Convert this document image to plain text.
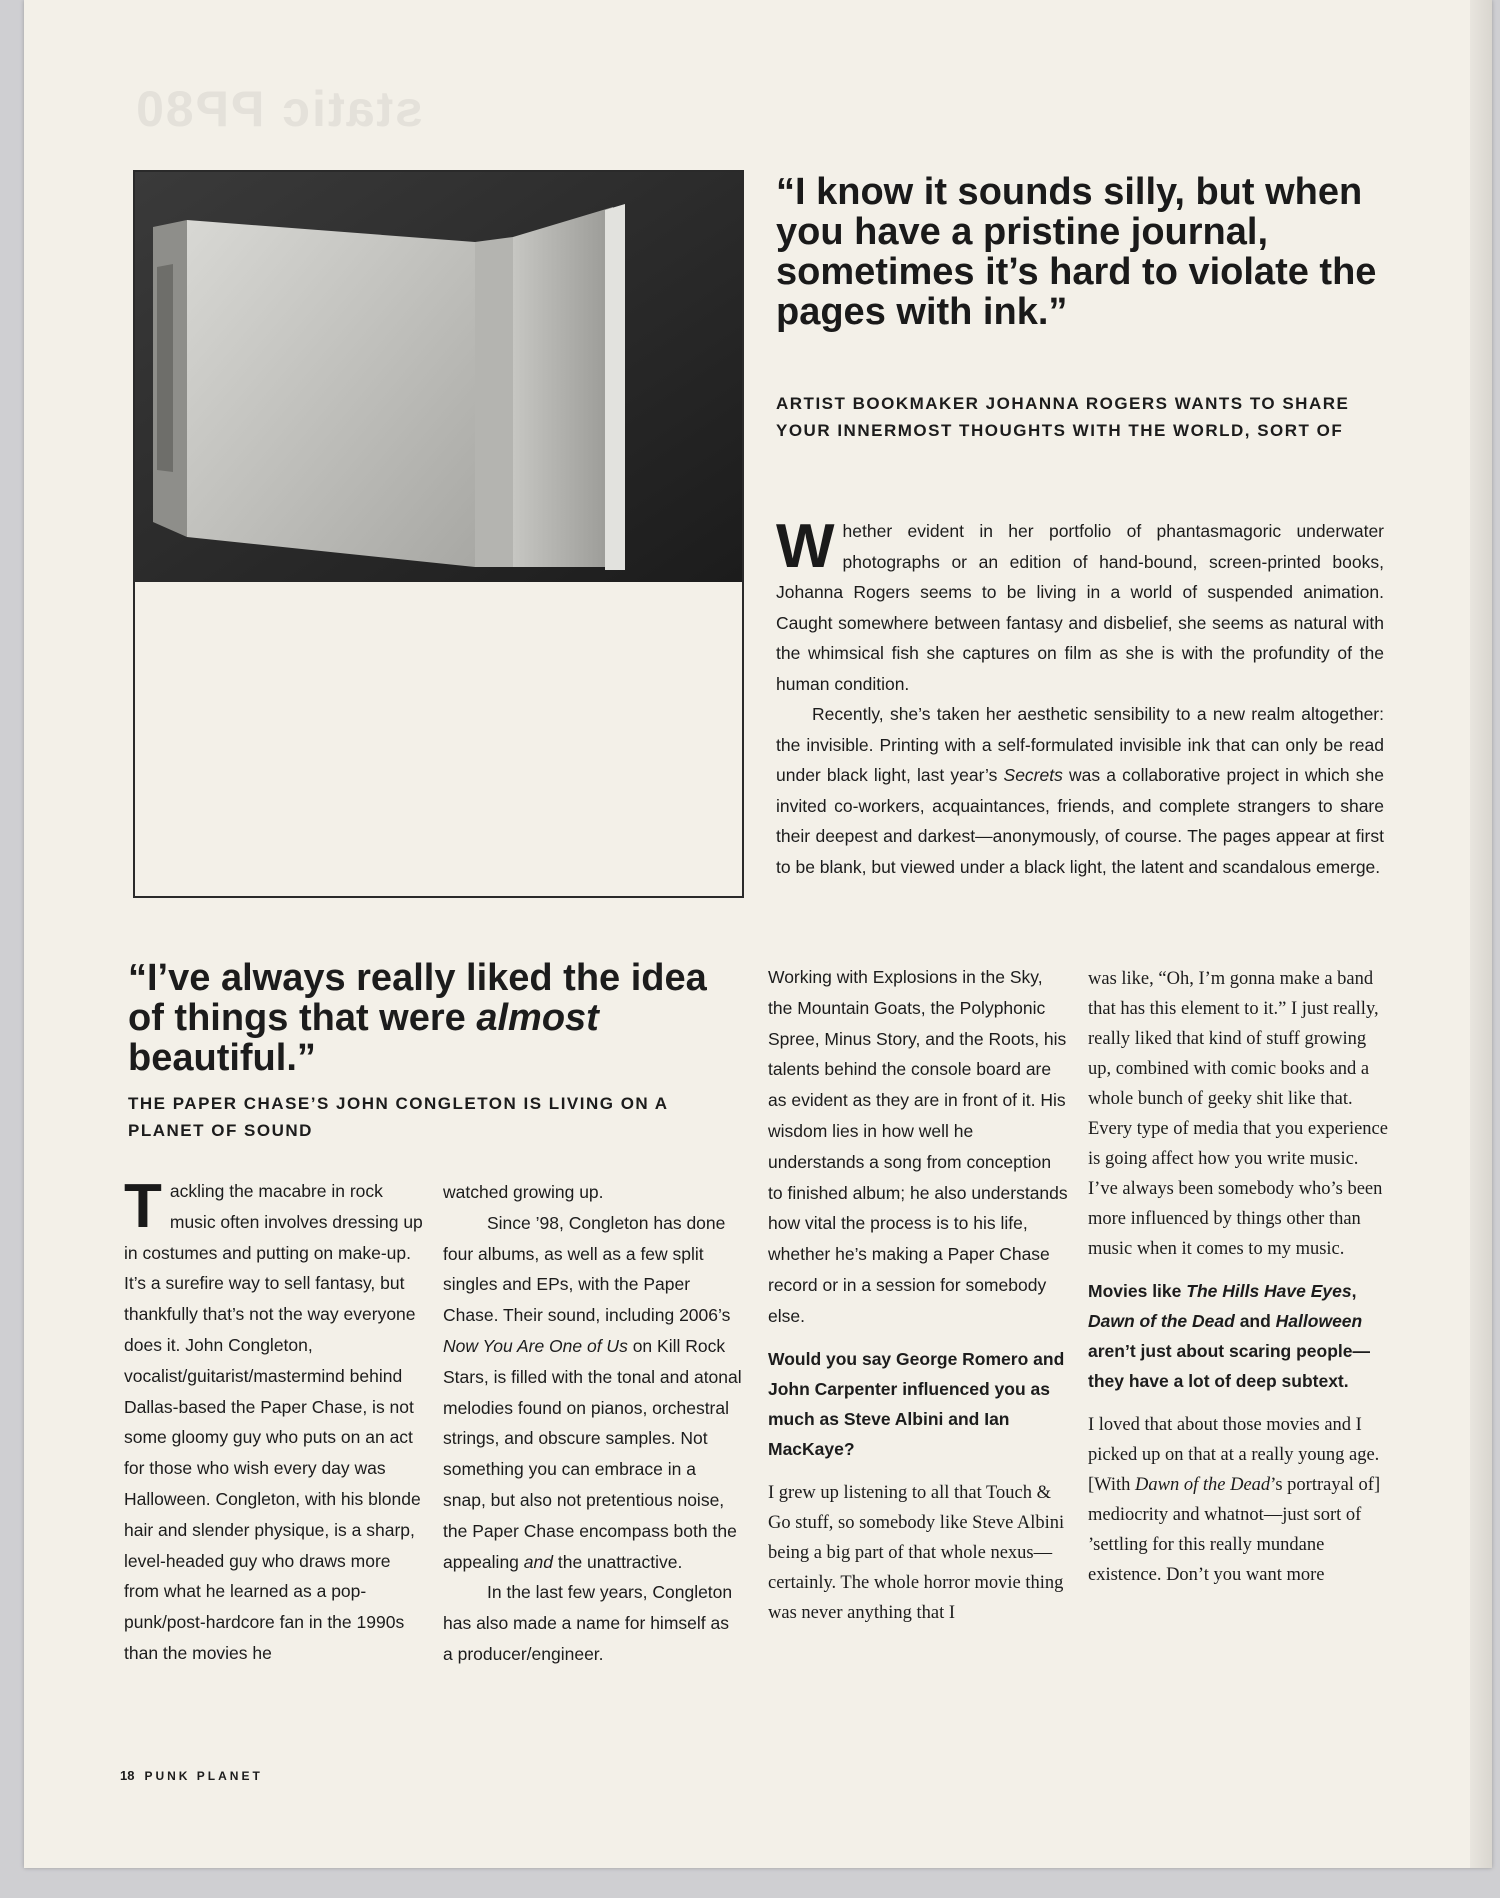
static PP80
“I know it sounds silly, but when you have a pristine journal, sometimes it’s hard to violate the pages with ink.”
ARTIST BOOKMAKER JOHANNA ROGERS WANTS TO SHARE YOUR INNERMOST THOUGHTS WITH THE WORLD, SORT OF

Whether evident in her portfolio of phantasmagoric underwater photographs or an edition of hand-bound, screen-printed books, Johanna Rogers seems to be living in a world of suspended animation. Caught somewhere between fantasy and disbelief, she seems as natural with the whimsical fish she captures on film as she is with the profundity of the human condition.

Recently, she’s taken her aesthetic sensibility to a new realm altogether: the invisible. Printing with a self-formulated invisible ink that can only be read under black light, last year’s Secrets was a collaborative project in which she invited co-workers, acquaintances, friends, and complete strangers to share their deepest and darkest—anonymously, of course. The pages appear at first to be blank, but viewed under a black light, the latent and scandalous emerge.

“I’ve always really liked the idea of things that were almost beautiful.”
THE PAPER CHASE’S JOHN CONGLETON IS LIVING ON A PLANET OF SOUND

Tackling the macabre in rock music often involves dressing up in costumes and putting on make-up. It’s a surefire way to sell fantasy, but thankfully that’s not the way everyone does it. John Congleton, vocalist/guitarist/mastermind behind Dallas-based the Paper Chase, is not some gloomy guy who puts on an act for those who wish every day was Halloween. Congleton, with his blonde hair and slender physique, is a sharp, level-headed guy who draws more from what he learned as a pop-punk/post-hardcore fan in the 1990s than the movies he

watched growing up.

Since ’98, Congleton has done four albums, as well as a few split singles and EPs, with the Paper Chase. Their sound, including 2006’s Now You Are One of Us on Kill Rock Stars, is filled with the tonal and atonal melodies found on pianos, orchestral strings, and obscure samples. Not something you can embrace in a snap, but also not pretentious noise, the Paper Chase encompass both the appealing and the unattractive.

In the last few years, Congleton has also made a name for himself as a producer/engineer.

Working with Explosions in the Sky, the Mountain Goats, the Polyphonic Spree, Minus Story, and the Roots, his talents behind the console board are as evident as they are in front of it. His wisdom lies in how well he understands a song from conception to finished album; he also understands how vital the process is to his life, whether he’s making a Paper Chase record or in a session for somebody else.

Would you say George Romero and John Carpenter influenced you as much as Steve Albini and Ian MacKaye?

I grew up listening to all that Touch & Go stuff, so somebody like Steve Albini being a big part of that whole nexus—certainly. The whole horror movie thing was never anything that I

was like, “Oh, I’m gonna make a band that has this element to it.” I just really, really liked that kind of stuff growing up, combined with comic books and a whole bunch of geeky shit like that. Every type of media that you experience is going affect how you write music. I’ve always been somebody who’s been more influenced by things other than music when it comes to my music.

Movies like The Hills Have Eyes, Dawn of the Dead and Halloween aren’t just about scaring people—they have a lot of deep subtext.

I loved that about those movies and I picked up on that at a really young age. [With Dawn of the Dead’s portrayal of] mediocrity and whatnot—just sort of ’settling for this really mundane existence. Don’t you want more

18 PUNK PLANET
